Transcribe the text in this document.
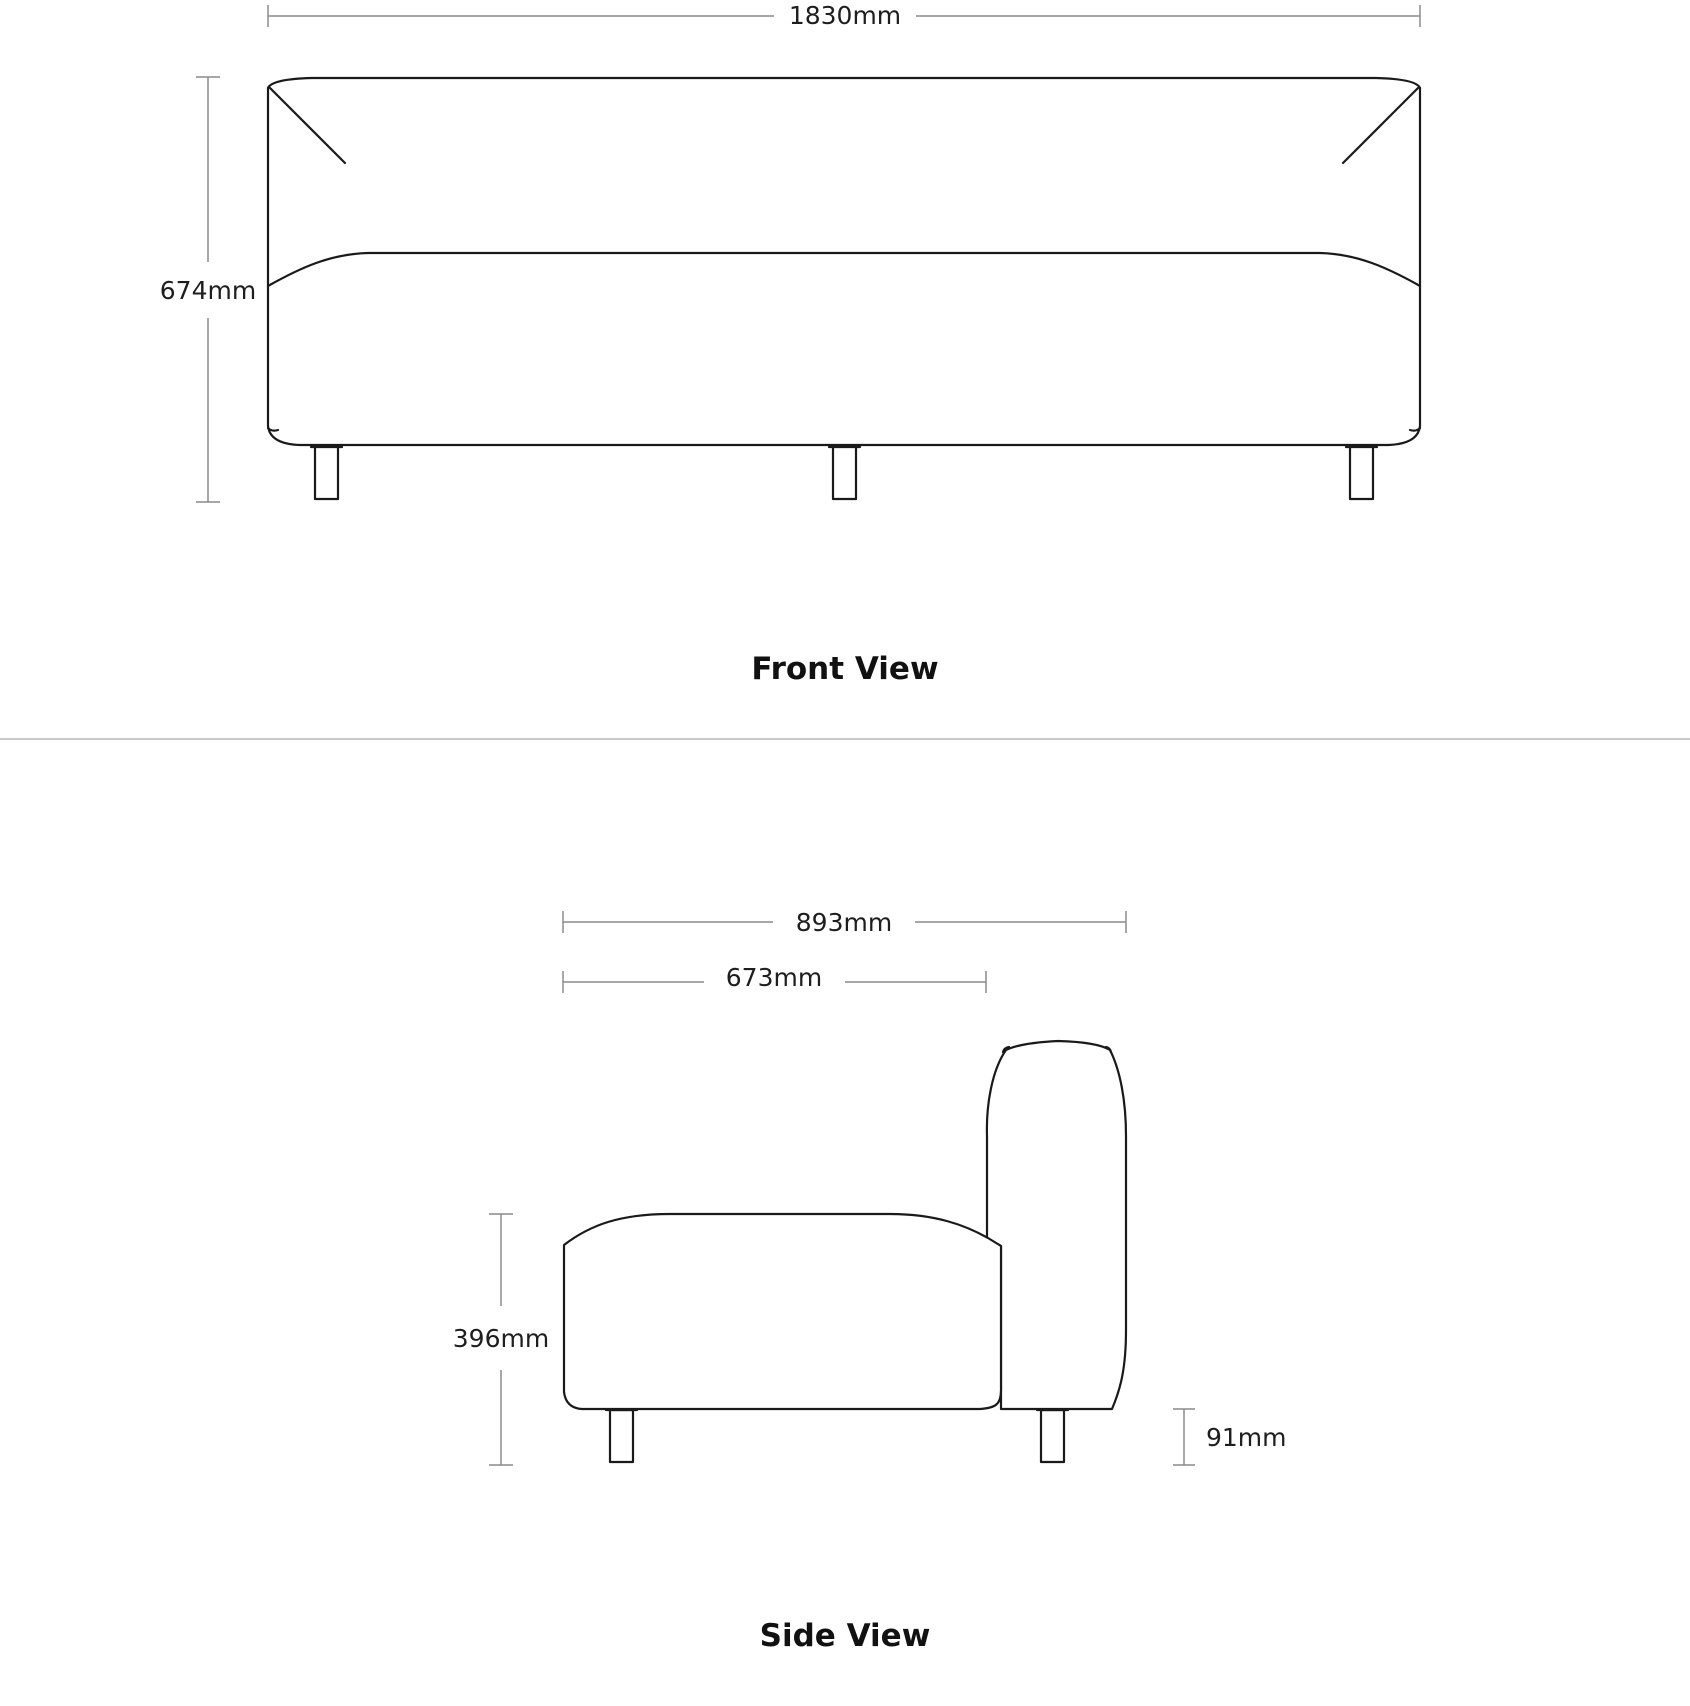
1830mm
674mm
Front View
893mm
673mm
396mm
91mm
Side View
